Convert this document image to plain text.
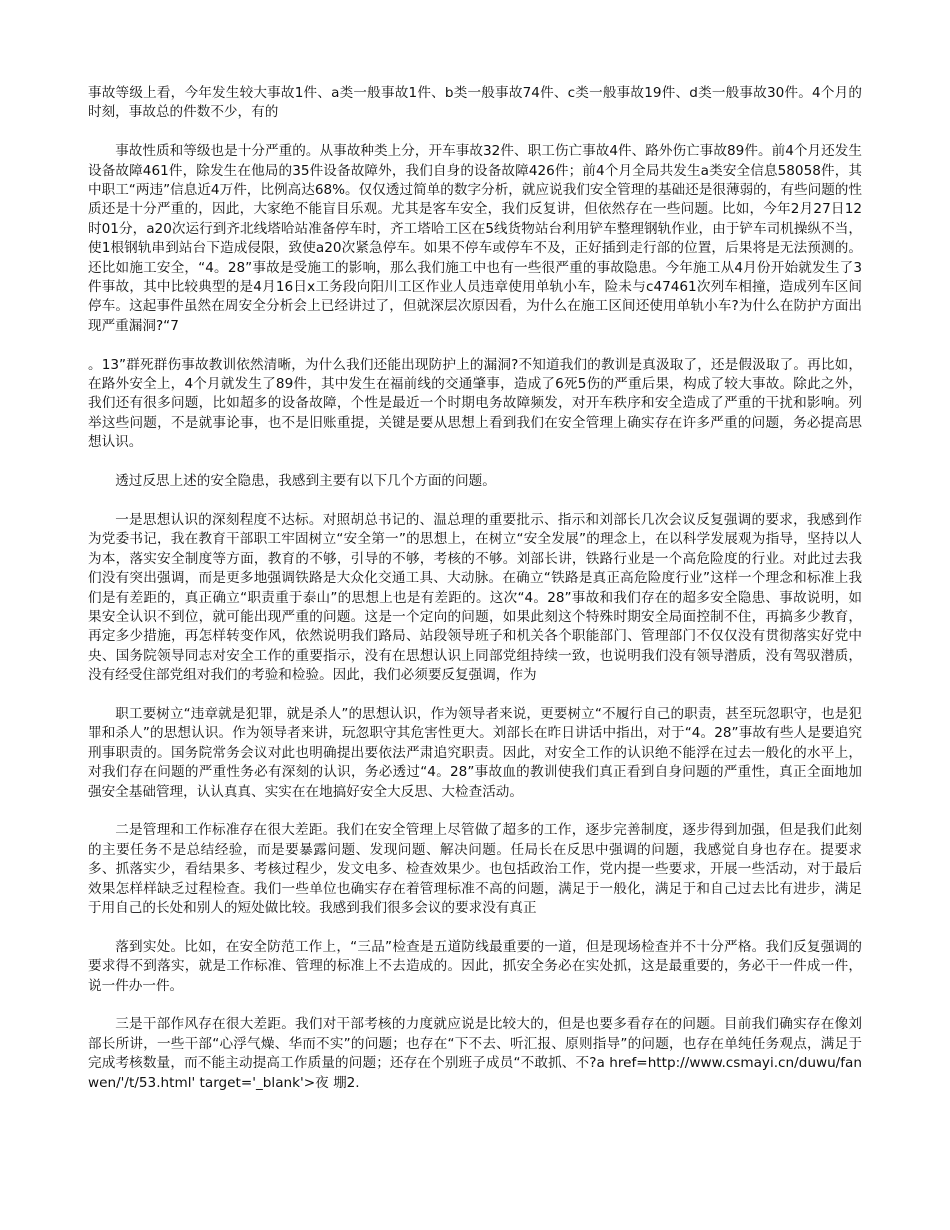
事故等级上看，今年发生较大事故1件、a类一般事故1件、b类一般事故74件、c类一般事故19件、d类一般事故30件。4个月的时刻，事故总的件数不少，有的

事故性质和等级也是十分严重的。从事故种类上分，开车事故32件、职工伤亡事故4件、路外伤亡事故89件。前4个月还发生设备故障461件，除发生在他局的35件设备故障外，我们自身的设备故障426件；前4个月全局共发生a类安全信息58058件，其中职工“两违”信息近4万件，比例高达68%。仅仅透过简单的数字分析，就应说我们安全管理的基础还是很薄弱的，有些问题的性质还是十分严重的，因此，大家绝不能盲目乐观。尤其是客车安全，我们反复讲，但依然存在一些问题。比如，今年2月27日12时01分，a20次运行到齐北线塔哈站准备停车时，齐工塔哈工区在5线货物站台利用铲车整理钢轨作业，由于铲车司机操纵不当，使1根钢轨串到站台下造成侵限，致使a20次紧急停车。如果不停车或停车不及，正好插到走行部的位置，后果将是无法预测的。还比如施工安全，“4。28”事故是受施工的影响，那么我们施工中也有一些很严重的事故隐患。今年施工从4月份开始就发生了3件事故，其中比较典型的是4月16日x工务段向阳川工区作业人员违章使用单轨小车，险未与c47461次列车相撞，造成列车区间停车。这起事件虽然在周安全分析会上已经讲过了，但就深层次原因看，为什么在施工区间还使用单轨小车?为什么在防护方面出现严重漏洞?“7

。13”群死群伤事故教训依然清晰，为什么我们还能出现防护上的漏洞?不知道我们的教训是真汲取了，还是假汲取了。再比如，在路外安全上，4个月就发生了89件，其中发生在福前线的交通肇事，造成了6死5伤的严重后果，构成了较大事故。除此之外，我们还有很多问题，比如超多的设备故障，个性是最近一个时期电务故障频发，对开车秩序和安全造成了严重的干扰和影响。列举这些问题，不是就事论事，也不是旧账重提，关键是要从思想上看到我们在安全管理上确实存在许多严重的问题，务必提高思想认识。

透过反思上述的安全隐患，我感到主要有以下几个方面的问题。

一是思想认识的深刻程度不达标。对照胡总书记的、温总理的重要批示、指示和刘部长几次会议反复强调的要求，我感到作为党委书记，我在教育干部职工牢固树立“安全第一”的思想上，在树立“安全发展”的理念上，在以科学发展观为指导，坚持以人为本，落实安全制度等方面，教育的不够，引导的不够，考核的不够。刘部长讲，铁路行业是一个高危险度的行业。对此过去我们没有突出强调，而是更多地强调铁路是大众化交通工具、大动脉。在确立“铁路是真正高危险度行业”这样一个理念和标准上我们是有差距的，真正确立“职责重于泰山”的思想上也是有差距的。这次“4。28”事故和我们存在的超多安全隐患、事故说明，如果安全认识不到位，就可能出现严重的问题。这是一个定向的问题，如果此刻这个特殊时期安全局面控制不住，再搞多少教育，再定多少措施，再怎样转变作风，依然说明我们路局、站段领导班子和机关各个职能部门、管理部门不仅仅没有贯彻落实好党中央、国务院领导同志对安全工作的重要指示，没有在思想认识上同部党组持续一致，也说明我们没有领导潜质，没有驾驭潜质，没有经受住部党组对我们的考验和检验。因此，我们必须要反复强调，作为

职工要树立“违章就是犯罪，就是杀人”的思想认识，作为领导者来说，更要树立“不履行自己的职责，甚至玩忽职守，也是犯罪和杀人”的思想认识。作为领导者来讲，玩忽职守其危害性更大。刘部长在昨日讲话中指出，对于“4。28”事故有些人是要追究刑事职责的。国务院常务会议对此也明确提出要依法严肃追究职责。因此，对安全工作的认识绝不能浮在过去一般化的水平上，对我们存在问题的严重性务必有深刻的认识，务必透过“4。28”事故血的教训使我们真正看到自身问题的严重性，真正全面地加强安全基础管理，认认真真、实实在在地搞好安全大反思、大检查活动。

二是管理和工作标准存在很大差距。我们在安全管理上尽管做了超多的工作，逐步完善制度，逐步得到加强，但是我们此刻的主要任务不是总结经验，而是要暴露问题、发现问题、解决问题。任局长在反思中强调的问题，我感觉自身也存在。提要求多、抓落实少，看结果多、考核过程少，发文电多、检查效果少。也包括政治工作，党内提一些要求，开展一些活动，对于最后效果怎样样缺乏过程检查。我们一些单位也确实存在着管理标准不高的问题，满足于一般化，满足于和自己过去比有进步，满足于用自己的长处和别人的短处做比较。我感到我们很多会议的要求没有真正

落到实处。比如，在安全防范工作上，“三品”检查是五道防线最重要的一道，但是现场检查并不十分严格。我们反复强调的要求得不到落实，就是工作标准、管理的标准上不去造成的。因此，抓安全务必在实处抓，这是最重要的，务必干一件成一件，说一件办一件。

三是干部作风存在很大差距。我们对干部考核的力度就应说是比较大的，但是也要多看存在的问题。目前我们确实存在像刘部长所讲，一些干部“心浮气燥、华而不实”的问题；也存在“下不去、听汇报、原则指导”的问题，也存在单纯任务观点，满足于完成考核数量，而不能主动提高工作质量的问题；还存在个别班子成员“不敢抓、不?a href=http://www.csmayi.cn/duwu/fanwen/'/t/53.html' target='_blank'>夜 堋2.
